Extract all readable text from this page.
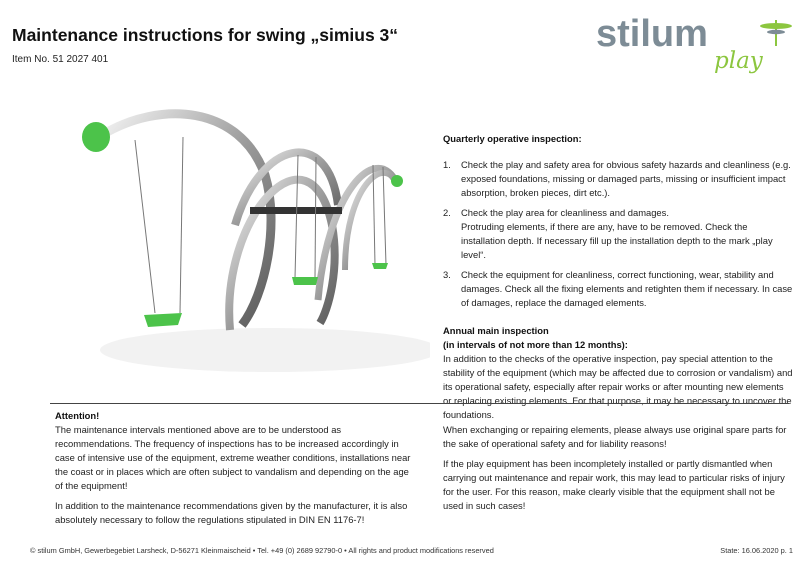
Maintenance instructions for swing „simius 3“
Item No. 51 2027 401
stilum
play
Quarterly operative inspection:
1. Check the play and safety area for obvious safety hazards and cleanliness (e.g. exposed foundations, missing or damaged parts, missing or insufficient impact absorption, broken pieces, dirt etc.).
2. Check the play area for cleanliness and damages.
Protruding elements, if there are any, have to be removed. Check the installation depth. If necessary fill up the installation depth to the mark „play level“.
3. Check the equipment for cleanliness, correct functioning, wear, stability and damages. Check all the fixing elements and retighten them if necessary. In case of damages, replace the damaged elements.
Annual main inspection
(in intervals of not more than 12 months):
In addition to the checks of the operative inspection, pay special attention to the stability of the equipment (which may be affected due to corrosion or vandalism) and its operational safety, especially after repair works or after mounting new elements or replacing existing elements. For that purpose, it may be necessary to uncover the foundations.
Attention!

The maintenance intervals mentioned above are to be understood as recommendations. The frequency of inspections has to be increased accordingly in case of intensive use of the equipment, extreme weather conditions, installations near the coast or in places which are often subject to vandalism and depending on the age of the equipment!

In addition to the maintenance recommendations given by the manufacturer, it is also absolutely necessary to follow the regulations stipulated in DIN EN 1176-7!

When exchanging or repairing elements, please always use original spare parts for the sake of operational safety and for liability reasons!

If the play equipment has been incompletely installed or partly dismantled when carrying out maintenance and repair work, this may lead to particular risks of injury for the user. For this reason, make clearly visible that the equipment shall not be used in such cases!

© stilum GmbH, Gewerbegebiet Larsheck, D-56271 Kleinmaischeid • Tel. +49 (0) 2689 92790-0 • All rights and product modifications reserved	State: 16.06.2020 p. 1
